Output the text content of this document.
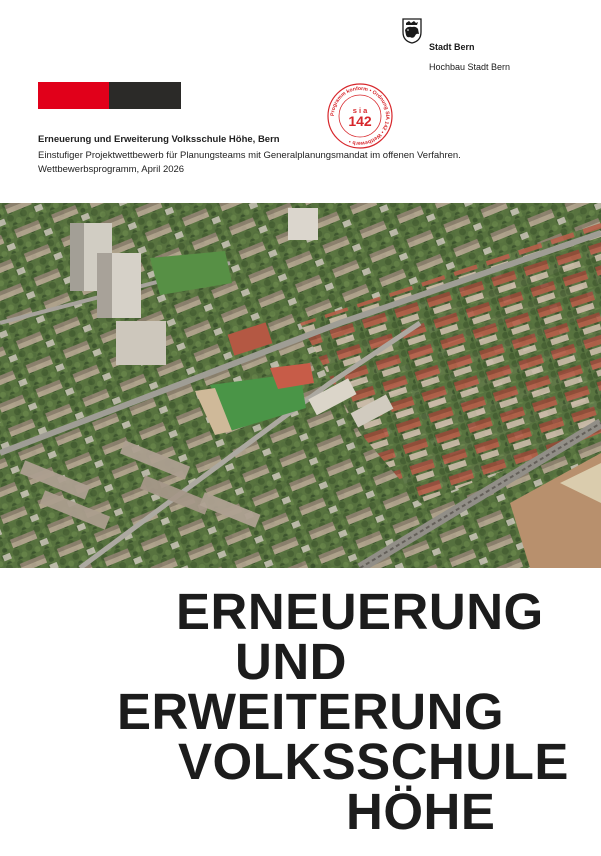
Stadt Bern
Hochbau Stadt Bern
Programm konform • Ordnung SIA 142 • Wettbewerb •
s i a
142
Erneuerung und Erweiterung Volksschule Höhe, Bern
Einstufiger Projektwettbewerb für Planungsteams mit Generalplanungsmandat im offenen Verfahren.
Wettbewerbsprogramm, April 2026
ERNEUERUNG
UND
ERWEITERUNG
VOLKSSCHULE
HÖHE
